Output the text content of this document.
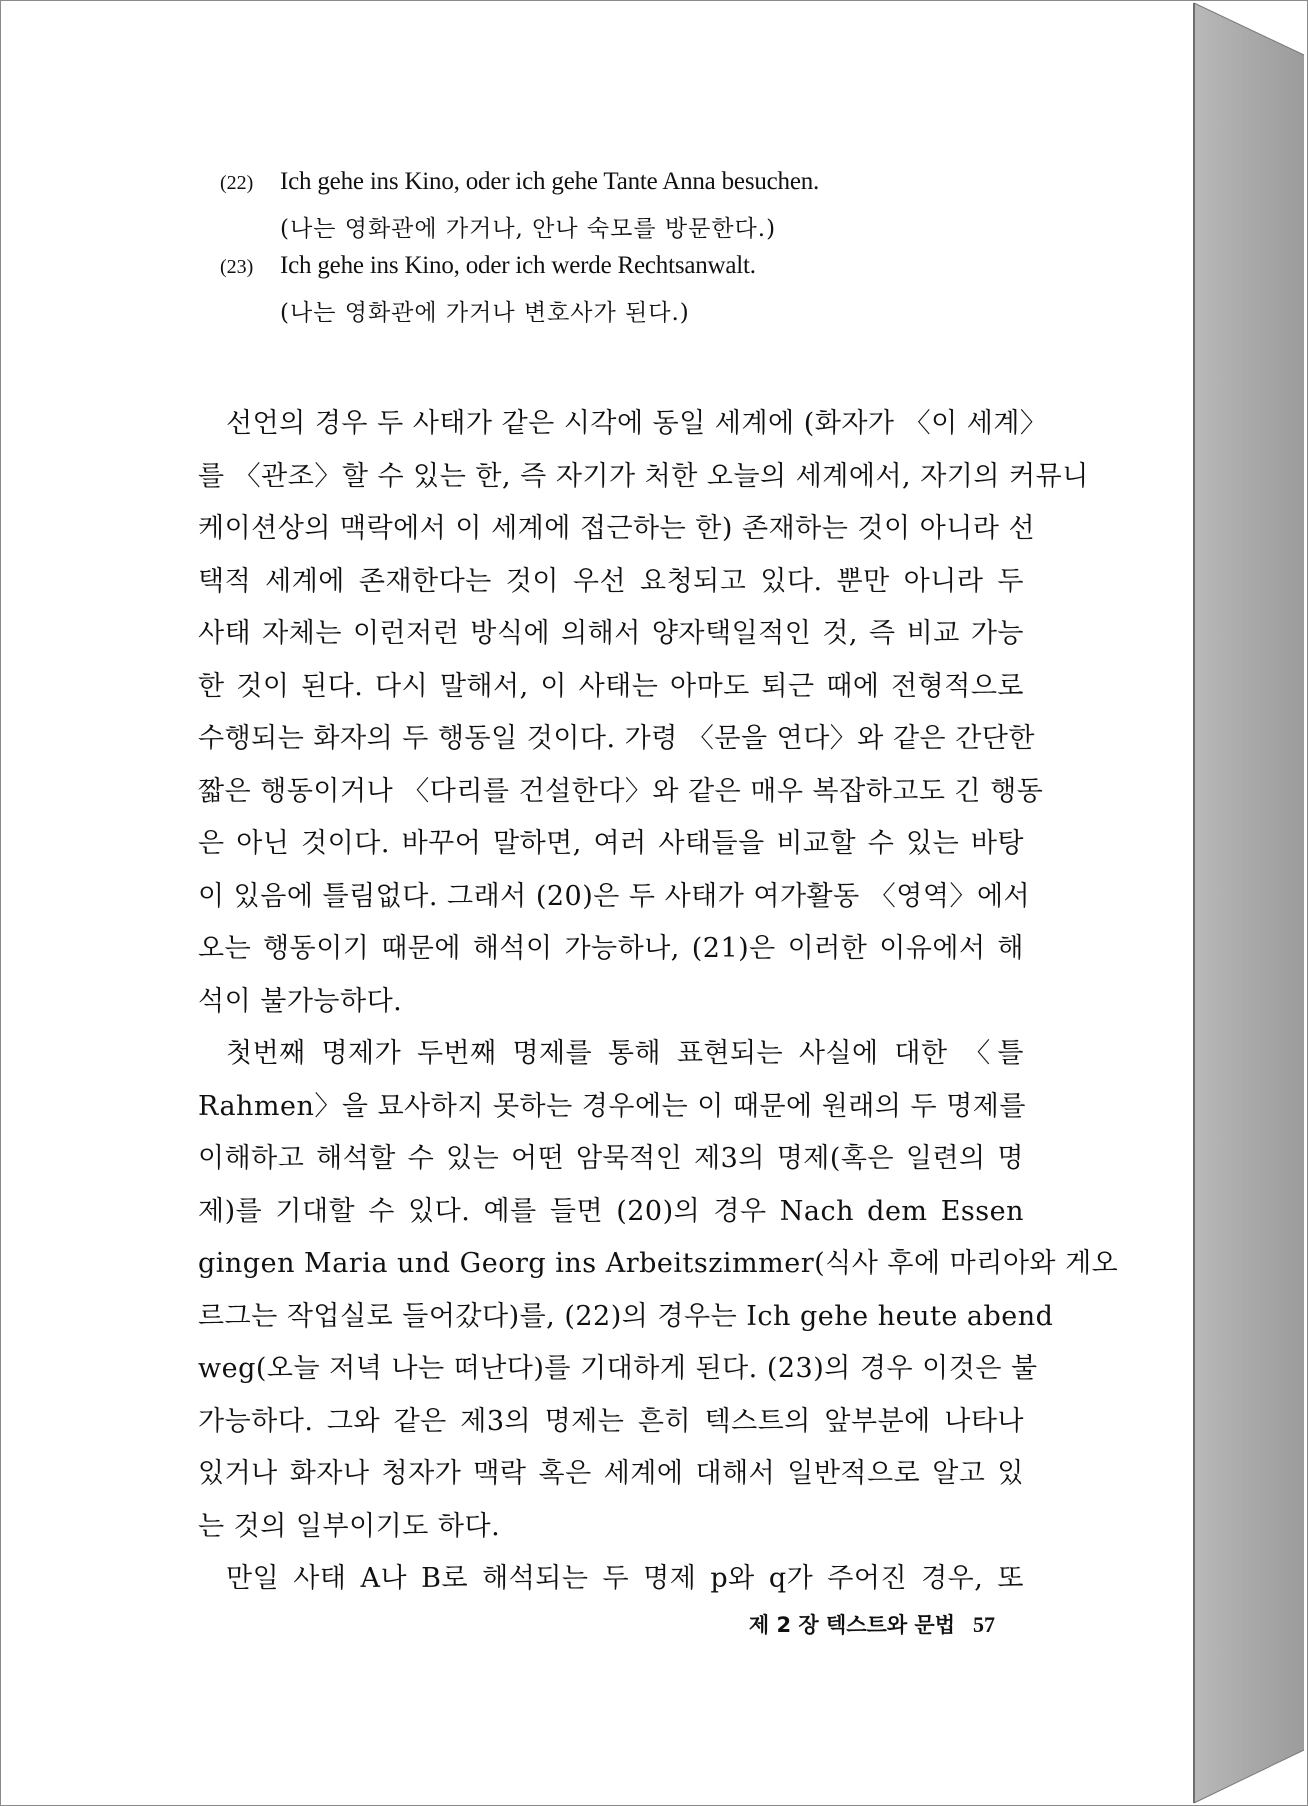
(22)	Ich gehe ins Kino, oder ich gehe Tante Anna besuchen.
(나는 영화관에 가거나, 안나 숙모를 방문한다.)
(23)	Ich gehe ins Kino, oder ich werde Rechtsanwalt.
(나는 영화관에 가거나 변호사가 된다.)
선언의 경우 두 사태가 같은 시각에 동일 세계에 (화자가 〈이 세계〉
를 〈관조〉할 수 있는 한, 즉 자기가 처한 오늘의 세계에서, 자기의 커뮤니
케이션상의 맥락에서 이 세계에 접근하는 한) 존재하는 것이 아니라 선
택적 세계에 존재한다는 것이 우선 요청되고 있다. 뿐만 아니라 두
사태 자체는 이런저런 방식에 의해서 양자택일적인 것, 즉 비교 가능
한 것이 된다. 다시 말해서, 이 사태는 아마도 퇴근 때에 전형적으로
수행되는 화자의 두 행동일 것이다. 가령 〈문을 연다〉와 같은 간단한
짧은 행동이거나 〈다리를 건설한다〉와 같은 매우 복잡하고도 긴 행동
은 아닌 것이다. 바꾸어 말하면, 여러 사태들을 비교할 수 있는 바탕
이 있음에 틀림없다. 그래서 (20)은 두 사태가 여가활동 〈영역〉에서
오는 행동이기 때문에 해석이 가능하나, (21)은 이러한 이유에서 해
석이 불가능하다.
첫번째 명제가 두번째 명제를 통해 표현되는 사실에 대한 〈틀
Rahmen〉을 묘사하지 못하는 경우에는 이 때문에 원래의 두 명제를
이해하고 해석할 수 있는 어떤 암묵적인 제3의 명제(혹은 일련의 명
제)를 기대할 수 있다. 예를 들면 (20)의 경우 Nach dem Essen
gingen Maria und Georg ins Arbeitszimmer(식사 후에 마리아와 게오
르그는 작업실로 들어갔다)를, (22)의 경우는 Ich gehe heute abend
weg(오늘 저녁 나는 떠난다)를 기대하게 된다. (23)의 경우 이것은 불
가능하다. 그와 같은 제3의 명제는 흔히 텍스트의 앞부분에 나타나
있거나 화자나 청자가 맥락 혹은 세계에 대해서 일반적으로 알고 있
는 것의 일부이기도 하다.
만일 사태 A나 B로 해석되는 두 명제 p와 q가 주어진 경우, 또
제 2 장 텍스트와 문법 57
